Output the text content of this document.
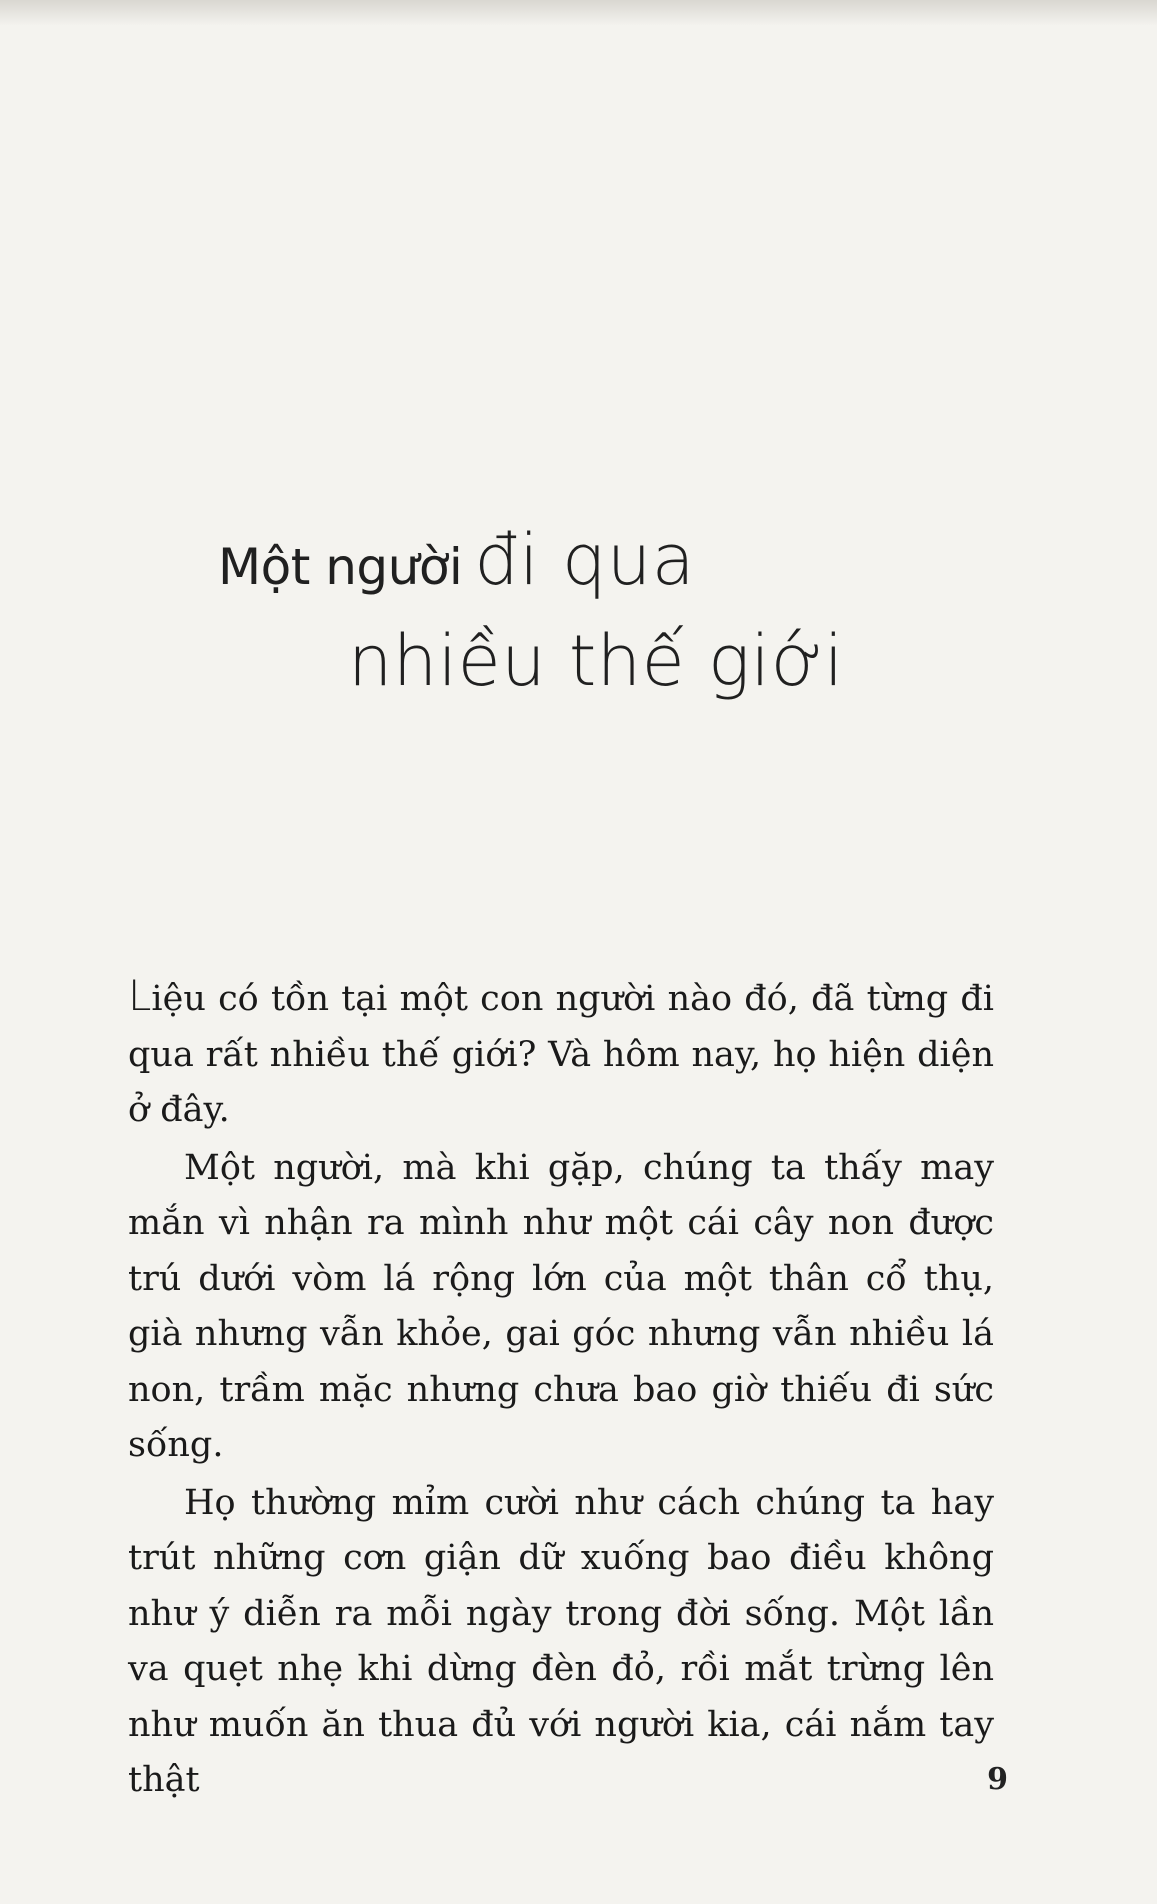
Một người đi qua
nhiều thế giới

Liệu có tồn tại một con người nào đó, đã từng đi qua rất nhiều thế giới? Và hôm nay, họ hiện diện ở đây.

Một người, mà khi gặp, chúng ta thấy may mắn vì nhận ra mình như một cái cây non được trú dưới vòm lá rộng lớn của một thân cổ thụ, già nhưng vẫn khỏe, gai góc nhưng vẫn nhiều lá non, trầm mặc nhưng chưa bao giờ thiếu đi sức sống.

Họ thường mỉm cười như cách chúng ta hay trút những cơn giận dữ xuống bao điều không như ý diễn ra mỗi ngày trong đời sống. Một lần va quẹt nhẹ khi dừng đèn đỏ, rồi mắt trừng lên như muốn ăn thua đủ với người kia, cái nắm tay thật	9
